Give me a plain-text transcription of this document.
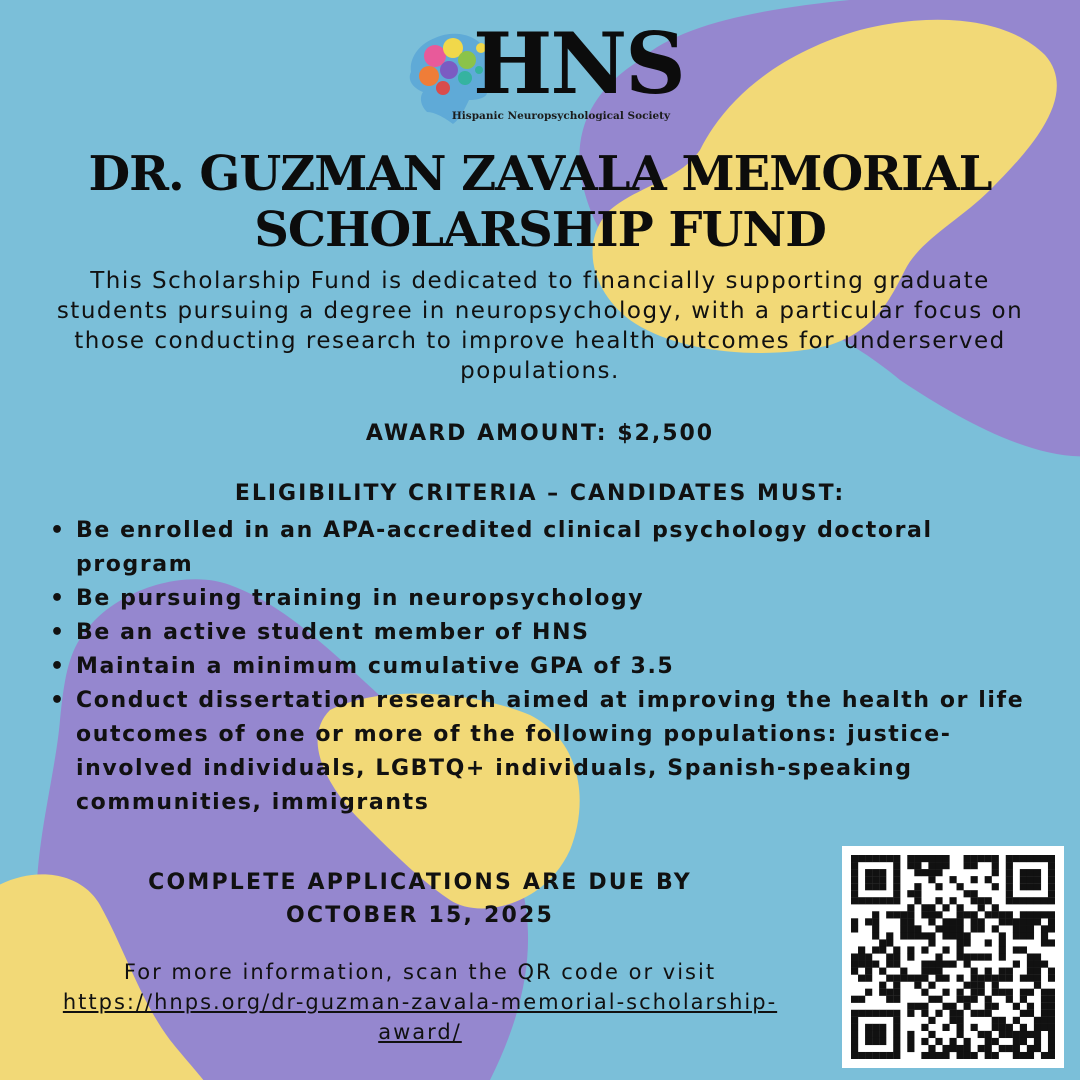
HNS
Hispanic Neuropsychological Society
DR. GUZMAN ZAVALA MEMORIAL SCHOLARSHIP FUND

This Scholarship Fund is dedicated to financially supporting graduate students pursuing a degree in neuropsychology, with a particular focus on those conducting research to improve health outcomes for underserved populations.

AWARD AMOUNT: $2,500

ELIGIBILITY CRITERIA – CANDIDATES MUST:

• Be enrolled in an APA-accredited clinical psychology doctoral program
• Be pursuing training in neuropsychology
• Be an active student member of HNS
• Maintain a minimum cumulative GPA of 3.5
• Conduct dissertation research aimed at improving the health or life outcomes of one or more of the following populations: justice-involved individuals, LGBTQ+ individuals, Spanish-speaking communities, immigrants

COMPLETE APPLICATIONS ARE DUE BY
OCTOBER 15, 2025

For more information, scan the QR code or visit
https://hnps.org/dr-guzman-zavala-memorial-scholarship-award/
